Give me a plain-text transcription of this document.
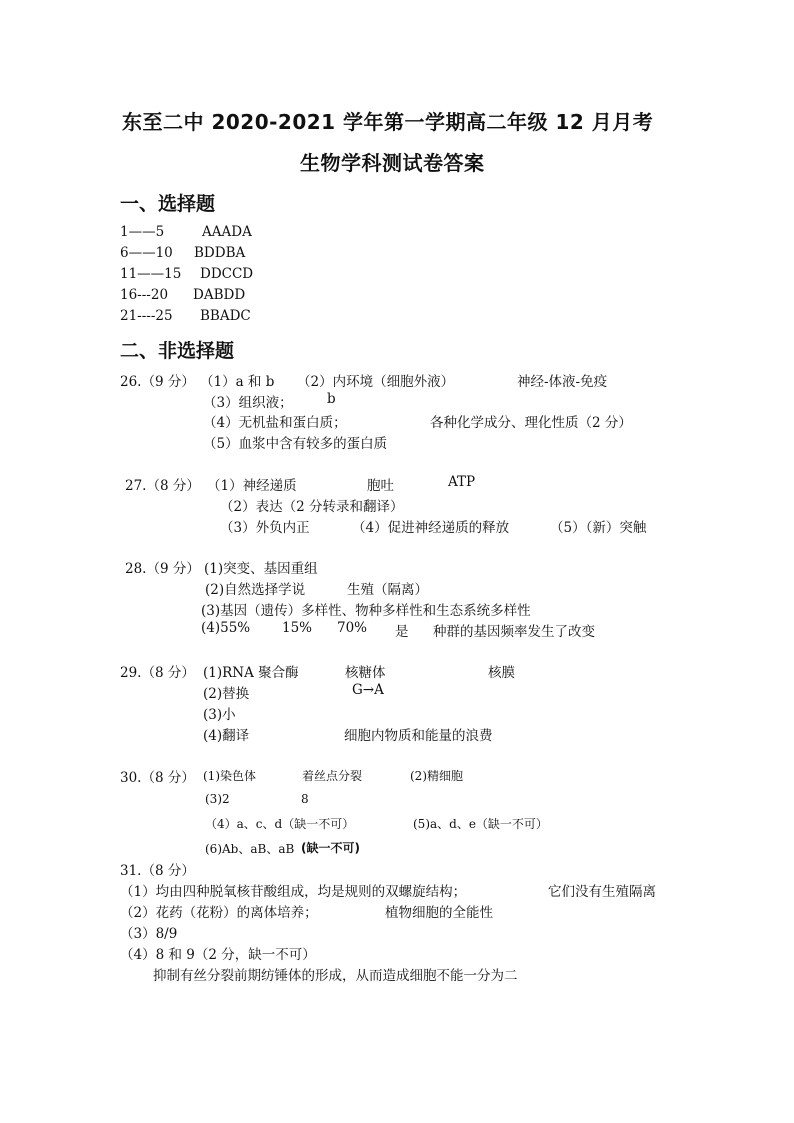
东至二中 2020-2021 学年第一学期高二年级 12 月月考
生物学科测试卷答案
一、选择题
1——5	AAADA
6——10 BDDBA
11——15 DDCCD
16---20 DABDD
21----25 BBADC
二、非选择题
26.（9 分） （1）a 和 b （2）内环境（细胞外液）	神经-体液-免疫
（3）组织液；	b
（4）无机盐和蛋白质；	各种化学成分、理化性质（2 分）
（5）血浆中含有较多的蛋白质
27.（8 分） （1）神经递质	胞吐	ATP
（2）表达（2 分转录和翻译）
（3）外负内正	（4）促进神经递质的释放	（5）（新）突触
28.（9 分） (1)突变、基因重组
(2)自然选择学说	生殖（隔离）
(3)基因（遗传）多样性、物种多样性和生态系统多样性
(4)55% 15% 70% 是 种群的基因频率发生了改变
29.（8 分） (1)RNA 聚合酶	核糖体	核膜
(2)替换	G→A
(3)小
(4)翻译	细胞内物质和能量的浪费
30.（8 分） (1)染色体	着丝点分裂	(2)精细胞
(3)2	8
（4）a、c、d（缺一不可）	(5)a、d、e（缺一不可）
(6)Ab、aB、aB (缺一不可)
31.（8 分）
（1）均由四种脱氧核苷酸组成，均是规则的双螺旋结构；	它们没有生殖隔离
（2）花药（花粉）的离体培养；	植物细胞的全能性
（3）8/9
（4）8 和 9（2 分，缺一不可）
抑制有丝分裂前期纺锤体的形成，从而造成细胞不能一分为二
